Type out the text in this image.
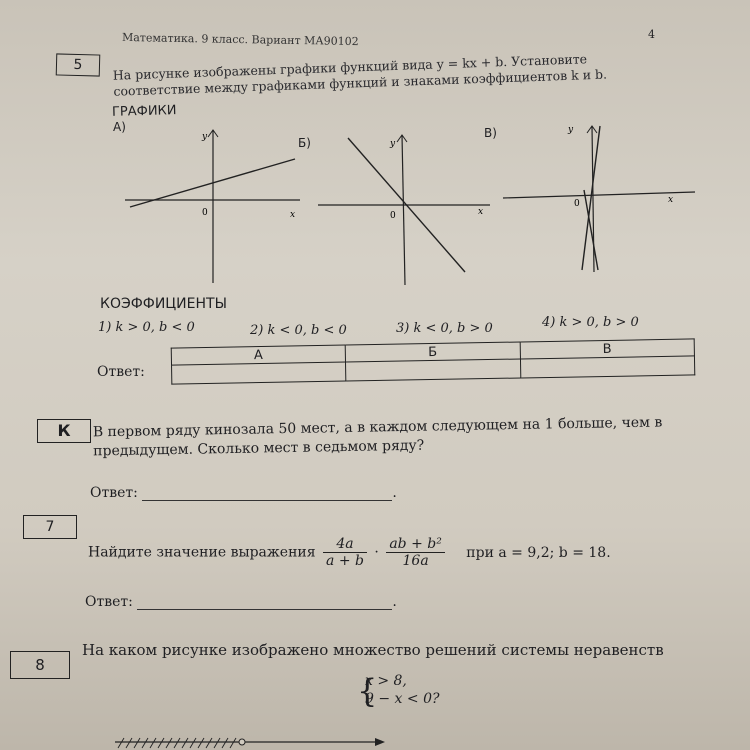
Математика. 9 класс. Вариант МА90102	4
5	На рисунке изображены графики функций вида y = kx + b. Установите соответствие между графиками функций и знаками коэффициентов k и b.
ГРАФИКИ
А)
y
x
0
Б)	y
x
0
В)	y
x
0
КОЭФФИЦИЕНТЫ
1) k > 0, b < 0	2) k < 0, b < 0	3) k < 0, b > 0	4) k > 0, b > 0
Ответ:
А	Б	В

К	В первом ряду кинозала 50 мест, а в каждом следующем на 1 больше, чем в предыдущем. Сколько мест в седьмом ряду?
Ответ:	.
7
Найдите значение выражения $\frac{4a}{a + b} \cdot \frac{\text{ab + b²}}{16a}$ при a = 9,2; b = 18.
Ответ:	.
8
На каком рисунке изображено множество решений системы неравенств
{
x > 8,
9 − x < 0?
